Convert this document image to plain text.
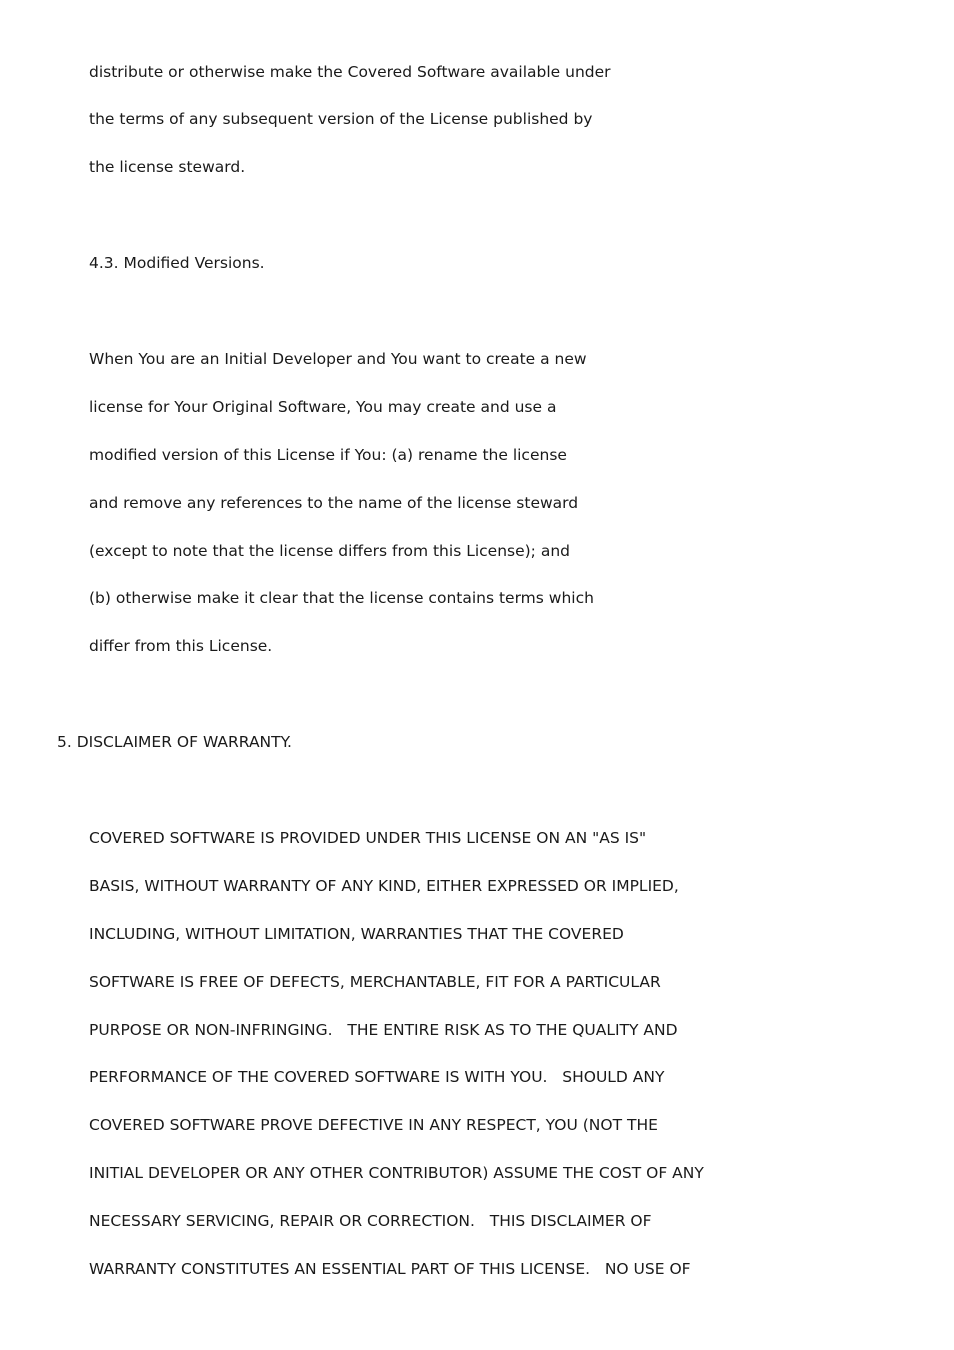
distribute or otherwise make the Covered Software available under

the terms of any subsequent version of the License published by

the license steward.

4.3. Modified Versions.

When You are an Initial Developer and You want to create a new

license for Your Original Software, You may create and use a

modified version of this License if You: (a) rename the license

and remove any references to the name of the license steward

(except to note that the license differs from this License); and

(b) otherwise make it clear that the license contains terms which

differ from this License.

5. DISCLAIMER OF WARRANTY.

COVERED SOFTWARE IS PROVIDED UNDER THIS LICENSE ON AN "AS IS"

BASIS, WITHOUT WARRANTY OF ANY KIND, EITHER EXPRESSED OR IMPLIED,

INCLUDING, WITHOUT LIMITATION, WARRANTIES THAT THE COVERED

SOFTWARE IS FREE OF DEFECTS, MERCHANTABLE, FIT FOR A PARTICULAR

PURPOSE OR NON-INFRINGING.   THE ENTIRE RISK AS TO THE QUALITY AND

PERFORMANCE OF THE COVERED SOFTWARE IS WITH YOU.   SHOULD ANY

COVERED SOFTWARE PROVE DEFECTIVE IN ANY RESPECT, YOU (NOT THE

INITIAL DEVELOPER OR ANY OTHER CONTRIBUTOR) ASSUME THE COST OF ANY

NECESSARY SERVICING, REPAIR OR CORRECTION.   THIS DISCLAIMER OF

WARRANTY CONSTITUTES AN ESSENTIAL PART OF THIS LICENSE.   NO USE OF
